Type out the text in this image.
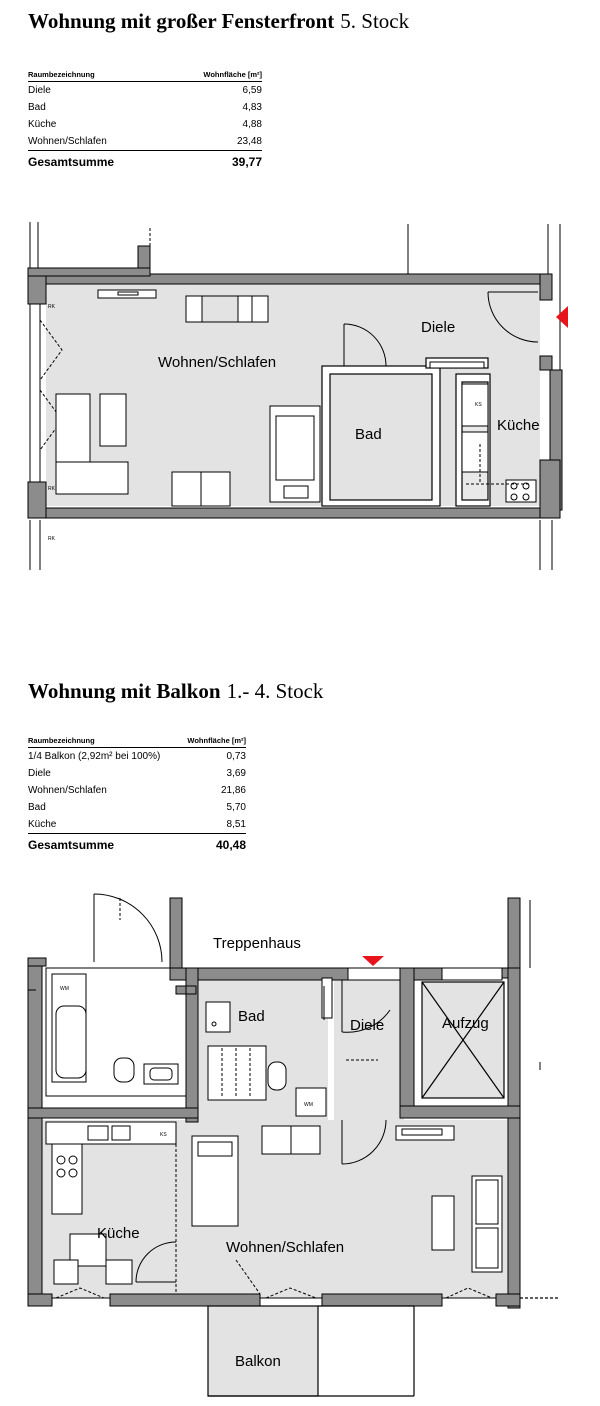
Wohnung mit großer Fensterfront 5. Stock
Raumbezeichnung	Wohnfläche [m²]
Diele	6,59
Bad	4,83
Küche	4,88
Wohnen/Schlafen	23,48
Gesamtsumme	39,77
Diele
Wohnen/Schlafen
Bad
Küche
RK
RK
RK
KS
Wohnung mit Balkon 1.- 4. Stock
Raumbezeichnung	Wohnfläche [m²]
1/4 Balkon (2,92m² bei 100%)	0,73
Diele	3,69
Wohnen/Schlafen	21,86
Bad	5,70
Küche	8,51
Gesamtsumme	40,48
Treppenhaus
Bad
Diele	Aufzug
Küche
Wohnen/Schlafen
Balkon
WM
WM
KS
